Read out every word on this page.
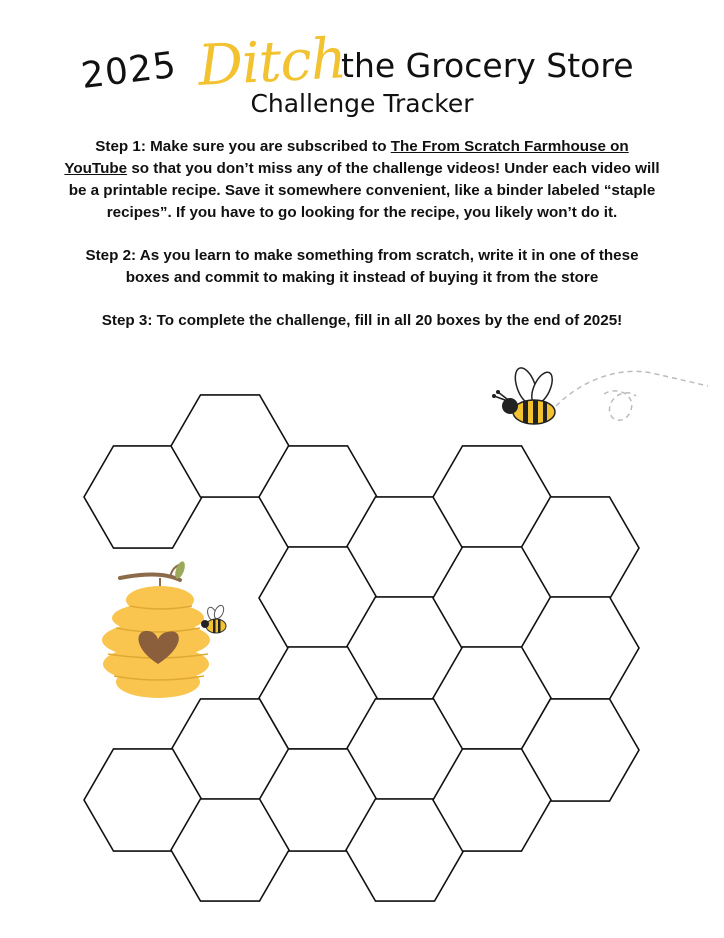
2025 Ditch
the Grocery Store
Challenge Tracker

Step 1: Make sure you are subscribed to The From Scratch Farmhouse on YouTube so that you don’t miss any of the challenge videos! Under each video will be a printable recipe. Save it somewhere convenient, like a binder labeled “staple recipes”. If you have to go looking for the recipe, you likely won’t do it.

Step 2: As you learn to make something from scratch, write it in one of these boxes and commit to making it instead of buying it from the store

Step 3: To complete the challenge, fill in all 20 boxes by the end of 2025!
